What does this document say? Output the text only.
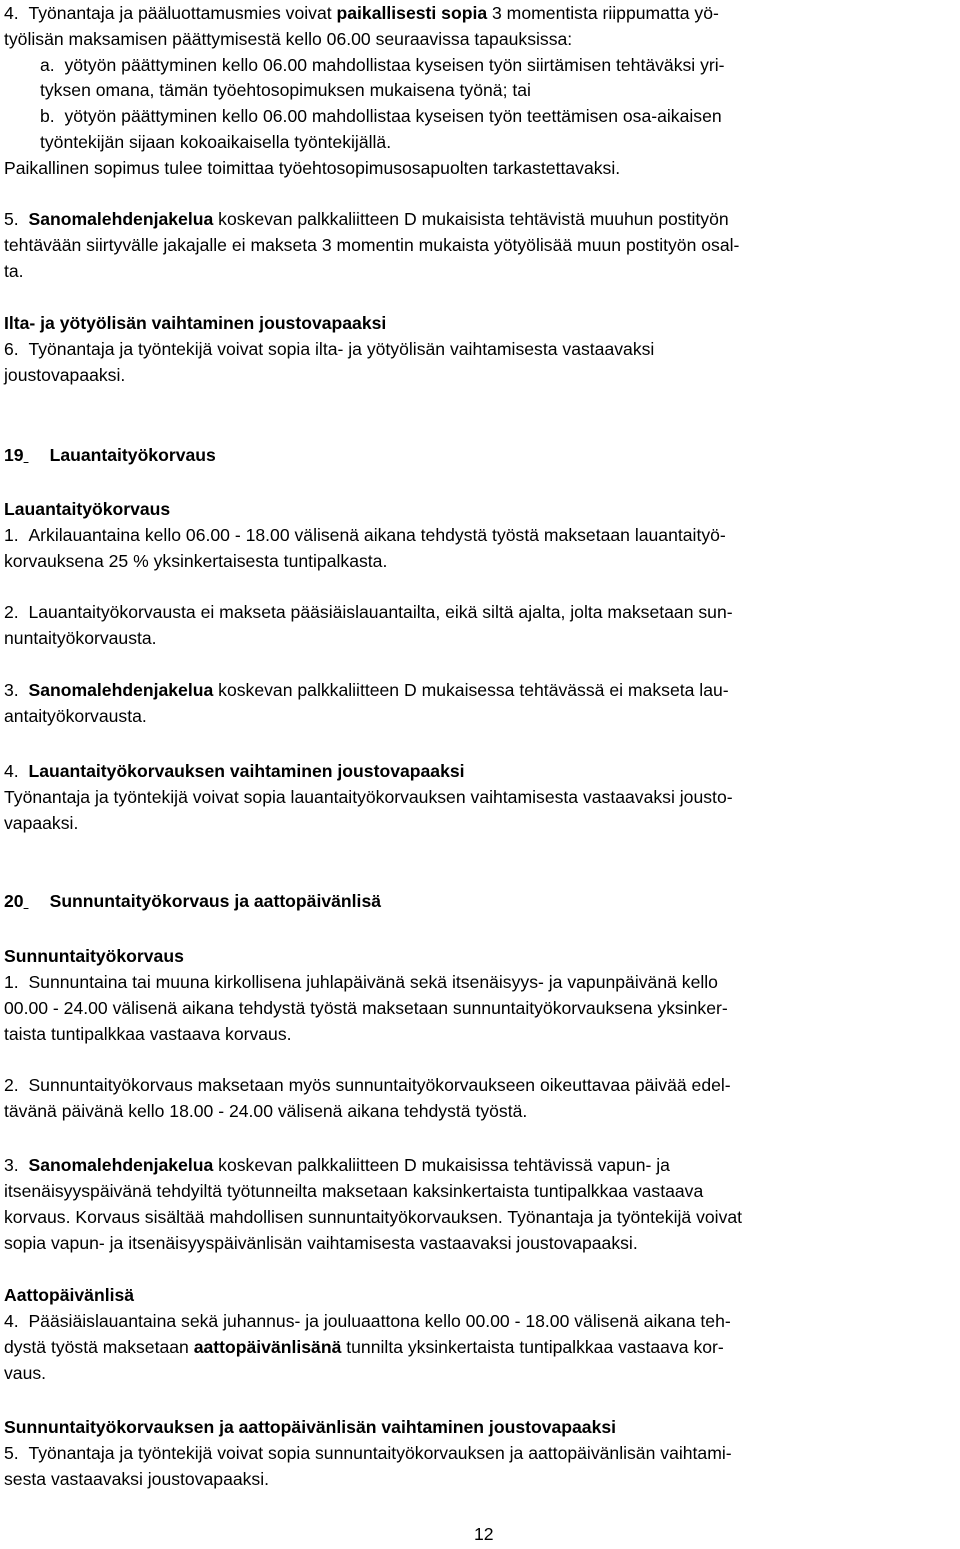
4.  Työnantaja ja pääluottamusmies voivat paikallisesti sopia 3 momentista riippumatta yö-
työlisän maksamisen päättymisestä kello 06.00 seuraavissa tapauksissa:
a.  yötyön päättyminen kello 06.00 mahdollistaa kyseisen työn siirtämisen tehtäväksi yri-
tyksen omana, tämän työehtosopimuksen mukaisena työnä; tai
b.  yötyön päättyminen kello 06.00 mahdollistaa kyseisen työn teettämisen osa-aikaisen
työntekijän sijaan kokoaikaisella työntekijällä.
Paikallinen sopimus tulee toimittaa työehtosopimusosapuolten tarkastettavaksi.
5.  Sanomalehdenjakelua koskevan palkkaliitteen D mukaisista tehtävistä muuhun postityön
tehtävään siirtyvälle jakajalle ei makseta 3 momentin mukaista yötyölisää muun postityön osal-
ta.
Ilta- ja yötyölisän vaihtaminen joustovapaaksi
6.  Työnantaja ja työntekijä voivat sopia ilta- ja yötyölisän vaihtamisesta vastaavaksi
joustovapaaksi.
19 Lauantaityökorvaus
Lauantaityökorvaus
1.  Arkilauantaina kello 06.00 - 18.00 välisenä aikana tehdystä työstä maksetaan lauantaityö-
korvauksena 25 % yksinkertaisesta tuntipalkasta.
2.  Lauantaityökorvausta ei makseta pääsiäislauantailta, eikä siltä ajalta, jolta maksetaan sun-
nuntaityökorvausta.
3.  Sanomalehdenjakelua koskevan palkkaliitteen D mukaisessa tehtävässä ei makseta lau-
antaityökorvausta.
4.  Lauantaityökorvauksen vaihtaminen joustovapaaksi
Työnantaja ja työntekijä voivat sopia lauantaityökorvauksen vaihtamisesta vastaavaksi jousto-
vapaaksi.
20 Sunnuntaityökorvaus ja aattopäivänlisä
Sunnuntaityökorvaus
1.  Sunnuntaina tai muuna kirkollisena juhlapäivänä sekä itsenäisyys- ja vapunpäivänä kello
00.00 - 24.00 välisenä aikana tehdystä työstä maksetaan sunnuntaityökorvauksena yksinker-
taista tuntipalkkaa vastaava korvaus.
2.  Sunnuntaityökorvaus maksetaan myös sunnuntaityökorvaukseen oikeuttavaa päivää edel-
tävänä päivänä kello 18.00 - 24.00 välisenä aikana tehdystä työstä.
3.  Sanomalehdenjakelua koskevan palkkaliitteen D mukaisissa tehtävissä vapun- ja
itsenäisyyspäivänä tehdyiltä työtunneilta maksetaan kaksinkertaista tuntipalkkaa vastaava
korvaus. Korvaus sisältää mahdollisen sunnuntaityökorvauksen. Työnantaja ja työntekijä voivat
sopia vapun- ja itsenäisyyspäivänlisän vaihtamisesta vastaavaksi joustovapaaksi.
Aattopäivänlisä
4.  Pääsiäislauantaina sekä juhannus- ja jouluaattona kello 00.00 - 18.00 välisenä aikana teh-
dystä työstä maksetaan aattopäivänlisänä tunnilta yksinkertaista tuntipalkkaa vastaava kor-
vaus.
Sunnuntaityökorvauksen ja aattopäivänlisän vaihtaminen joustovapaaksi
5.  Työnantaja ja työntekijä voivat sopia sunnuntaityökorvauksen ja aattopäivänlisän vaihtami-
sesta vastaavaksi joustovapaaksi.
12
